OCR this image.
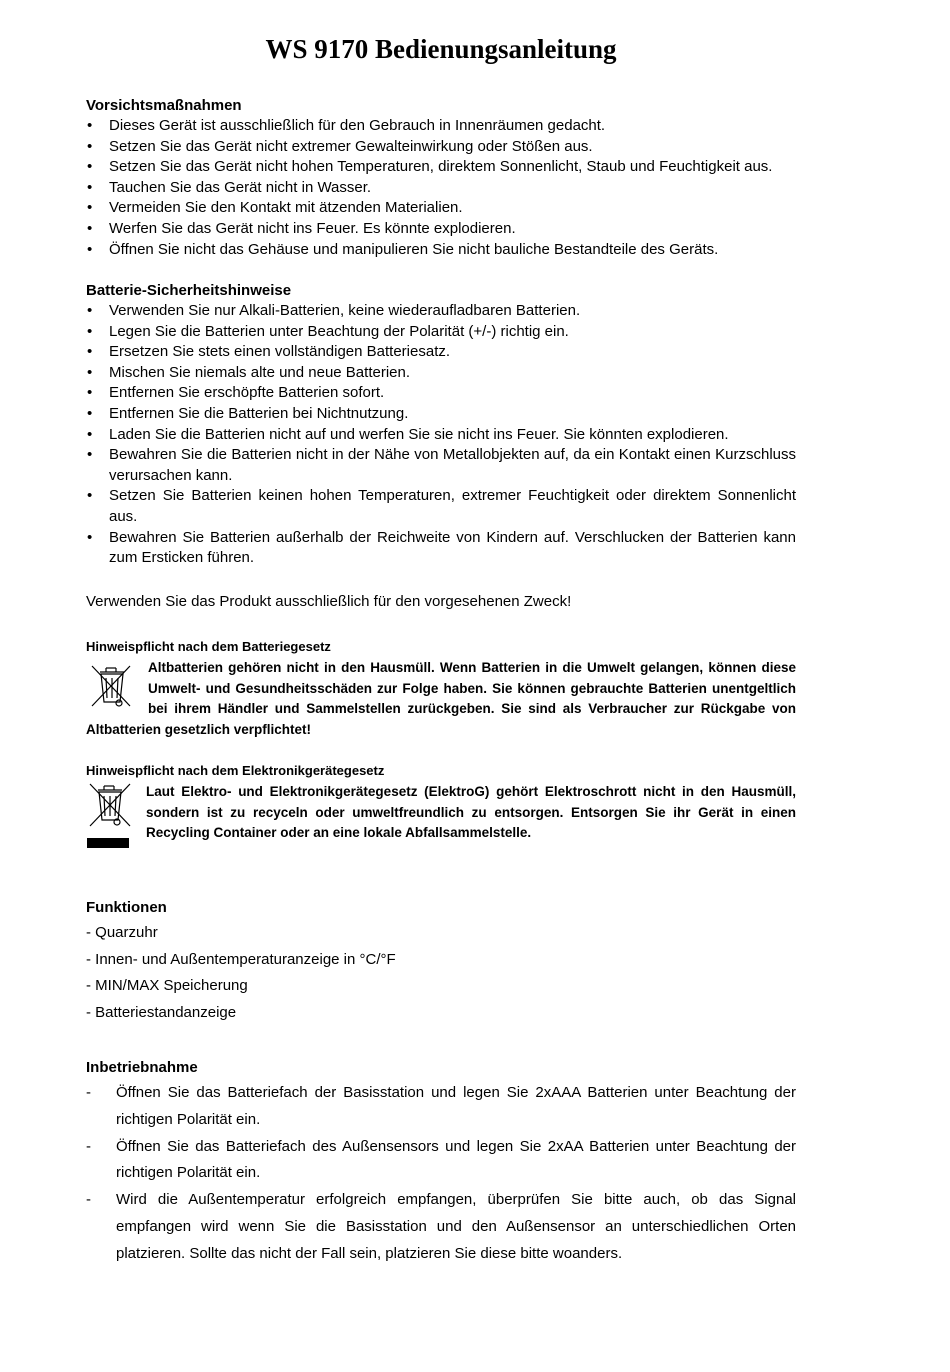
WS 9170 Bedienungsanleitung

Vorsichtsmaßnahmen

• Dieses Gerät ist ausschließlich für den Gebrauch in Innenräumen gedacht.
• Setzen Sie das Gerät nicht extremer Gewalteinwirkung oder Stößen aus.
• Setzen Sie das Gerät nicht hohen Temperaturen, direktem Sonnenlicht, Staub und Feuchtigkeit aus.
• Tauchen Sie das Gerät nicht in Wasser.
• Vermeiden Sie den Kontakt mit ätzenden Materialien.
• Werfen Sie das Gerät nicht ins Feuer. Es könnte explodieren.
• Öffnen Sie nicht das Gehäuse und manipulieren Sie nicht bauliche Bestandteile des Geräts.

Batterie-Sicherheitshinweise

• Verwenden Sie nur Alkali-Batterien, keine wiederaufladbaren Batterien.
• Legen Sie die Batterien unter Beachtung der Polarität (+/-) richtig ein.
• Ersetzen Sie stets einen vollständigen Batteriesatz.
• Mischen Sie niemals alte und neue Batterien.
• Entfernen Sie erschöpfte Batterien sofort.
• Entfernen Sie die Batterien bei Nichtnutzung.
• Laden Sie die Batterien nicht auf und werfen Sie sie nicht ins Feuer. Sie könnten explodieren.
• Bewahren Sie die Batterien nicht in der Nähe von Metallobjekten auf, da ein Kontakt einen Kurzschluss verursachen kann.
• Setzen Sie Batterien keinen hohen Temperaturen, extremer Feuchtigkeit oder direktem Sonnenlicht aus.
• Bewahren Sie Batterien außerhalb der Reichweite von Kindern auf. Verschlucken der Batterien kann zum Ersticken führen.

Verwenden Sie das Produkt ausschließlich für den vorgesehenen Zweck!

Hinweispflicht nach dem Batteriegesetz

Altbatterien gehören nicht in den Hausmüll. Wenn Batterien in die Umwelt gelangen, können diese Umwelt- und Gesundheitsschäden zur Folge haben. Sie können gebrauchte Batterien unentgeltlich bei ihrem Händler und Sammelstellen zurückgeben. Sie sind als Verbraucher zur Rückgabe von Altbatterien gesetzlich verpflichtet!

Hinweispflicht nach dem Elektronikgerätegesetz

Laut Elektro- und Elektronikgerätegesetz (ElektroG) gehört Elektroschrott nicht in den Hausmüll, sondern ist zu recyceln oder umweltfreundlich zu entsorgen. Entsorgen Sie ihr Gerät in einen Recycling Container oder an eine lokale Abfallsammelstelle.

Funktionen

- Quarzuhr
- Innen- und Außentemperaturanzeige in °C/°F
- MIN/MAX Speicherung
- Batteriestandanzeige

Inbetriebnahme

- Öffnen Sie das Batteriefach der Basisstation und legen Sie 2xAAA Batterien unter Beachtung der richtigen Polarität ein.
- Öffnen Sie das Batteriefach des Außensensors und legen Sie 2xAA Batterien unter Beachtung der richtigen Polarität ein.
- Wird die Außentemperatur erfolgreich empfangen, überprüfen Sie bitte auch, ob das Signal empfangen wird wenn Sie die Basisstation und den Außensensor an unterschiedlichen Orten platzieren. Sollte das nicht der Fall sein, platzieren Sie diese bitte woanders.
